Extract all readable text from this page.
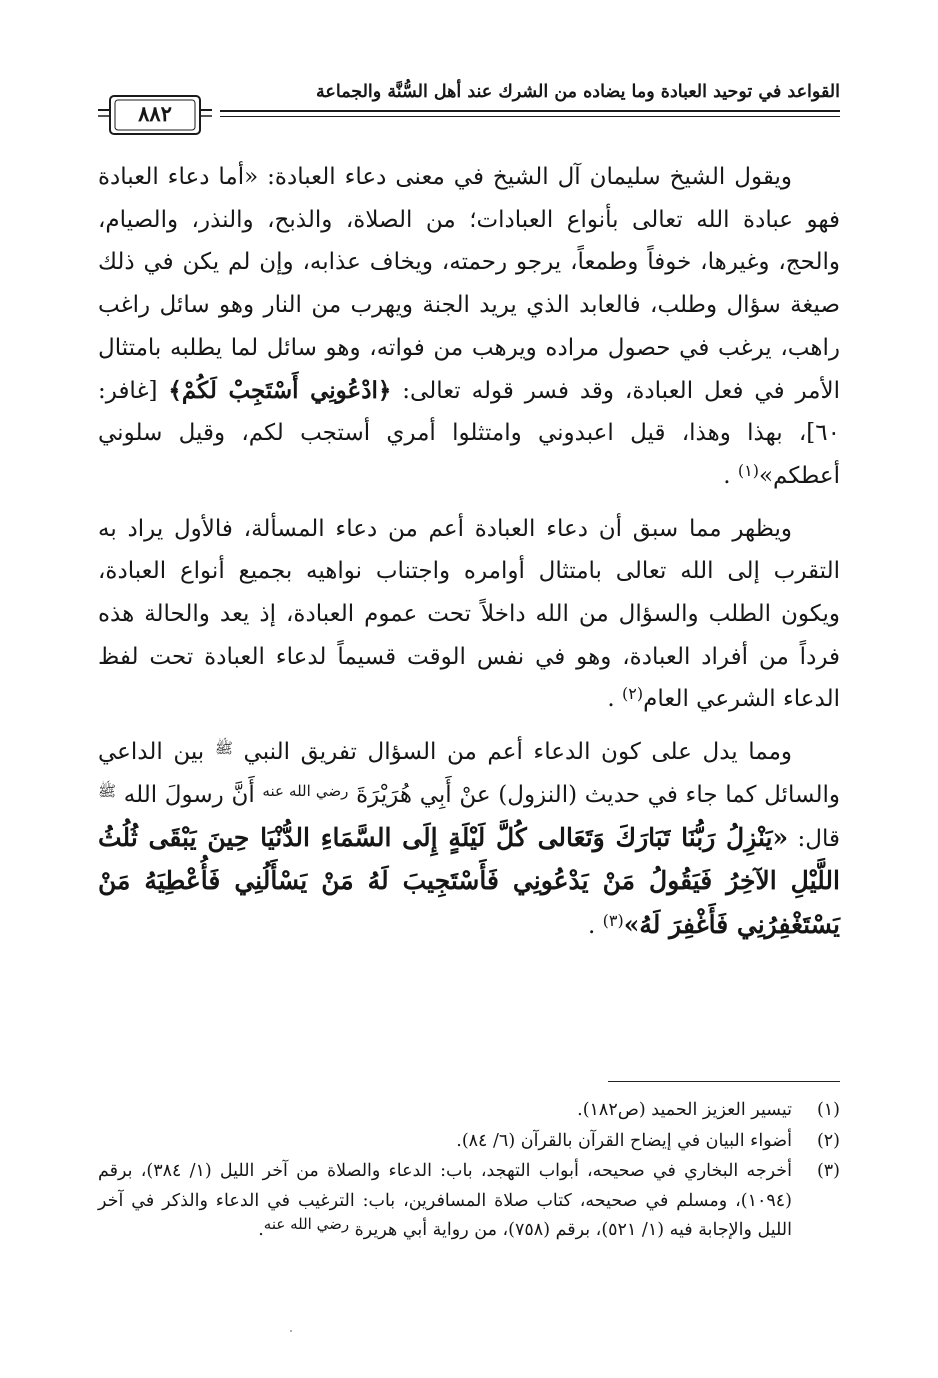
القواعد في توحيد العبادة وما يضاده من الشرك عند أهل السُّنَّة والجماعة
٨٨٢

ويقول الشيخ سليمان آل الشيخ في معنى دعاء العبادة: «أما دعاء العبادة فهو عبادة الله تعالى بأنواع العبادات؛ من الصلاة، والذبح، والنذر، والصيام، والحج، وغيرها، خوفاً وطمعاً، يرجو رحمته، ويخاف عذابه، وإن لم يكن في ذلك صيغة سؤال وطلب، فالعابد الذي يريد الجنة ويهرب من النار وهو سائل راغب راهب، يرغب في حصول مراده ويرهب من فواته، وهو سائل لما يطلبه بامتثال الأمر في فعل العبادة، وقد فسر قوله تعالى: ﴿ادْعُونِي أَسْتَجِبْ لَكُمْ﴾ [غافر: ٦٠]، بهذا وهذا، قيل اعبدوني وامتثلوا أمري أستجب لكم، وقيل سلوني أعطكم»$^{(١)}$ .

ويظهر مما سبق أن دعاء العبادة أعم من دعاء المسألة، فالأول يراد به التقرب إلى الله تعالى بامتثال أوامره واجتناب نواهيه بجميع أنواع العبادة، ويكون الطلب والسؤال من الله داخلاً تحت عموم العبادة، إذ يعد والحالة هذه فرداً من أفراد العبادة، وهو في نفس الوقت قسيماً لدعاء العبادة تحت لفظ الدعاء الشرعي العام$^{(٢)}$ .

ومما يدل على كون الدعاء أعم من السؤال تفريق النبي $^ﷺ$ بين الداعي والسائل كما جاء في حديث (النزول) عنْ أَبِي هُرَيْرَةَ $^{رضي الله عنه}$ أَنَّ رسولَ الله $^ﷺ$ قال: «يَنْزِلُ رَبُّنَا تَبَارَكَ وَتَعَالى كُلَّ لَيْلَةٍ إِلَى السَّمَاءِ الدُّنْيَا حِينَ يَبْقَى ثُلُثُ اللَّيْلِ الآخِرُ فَيَقُولُ مَنْ يَدْعُونِي فَأَسْتَجِيبَ لَهُ مَنْ يَسْأَلُنِي فَأُعْطِيَهُ مَنْ يَسْتَغْفِرُنِي فَأَغْفِرَ لَهُ»$^{(٣)}$ .

(١)
تيسير العزيز الحميد (ص١٨٢).
(٢)
أضواء البيان في إيضاح القرآن بالقرآن (٦/ ٨٤).
(٣)
أخرجه البخاري في صحيحه، أبواب التهجد، باب: الدعاء والصلاة من آخر الليل (١/ ٣٨٤)، برقم (١٠٩٤)، ومسلم في صحيحه، كتاب صلاة المسافرين، باب: الترغيب في الدعاء والذكر في آخر الليل والإجابة فيه (١/ ٥٢١)، برقم (٧٥٨)، من رواية أبي هريرة رضي الله عنه.
